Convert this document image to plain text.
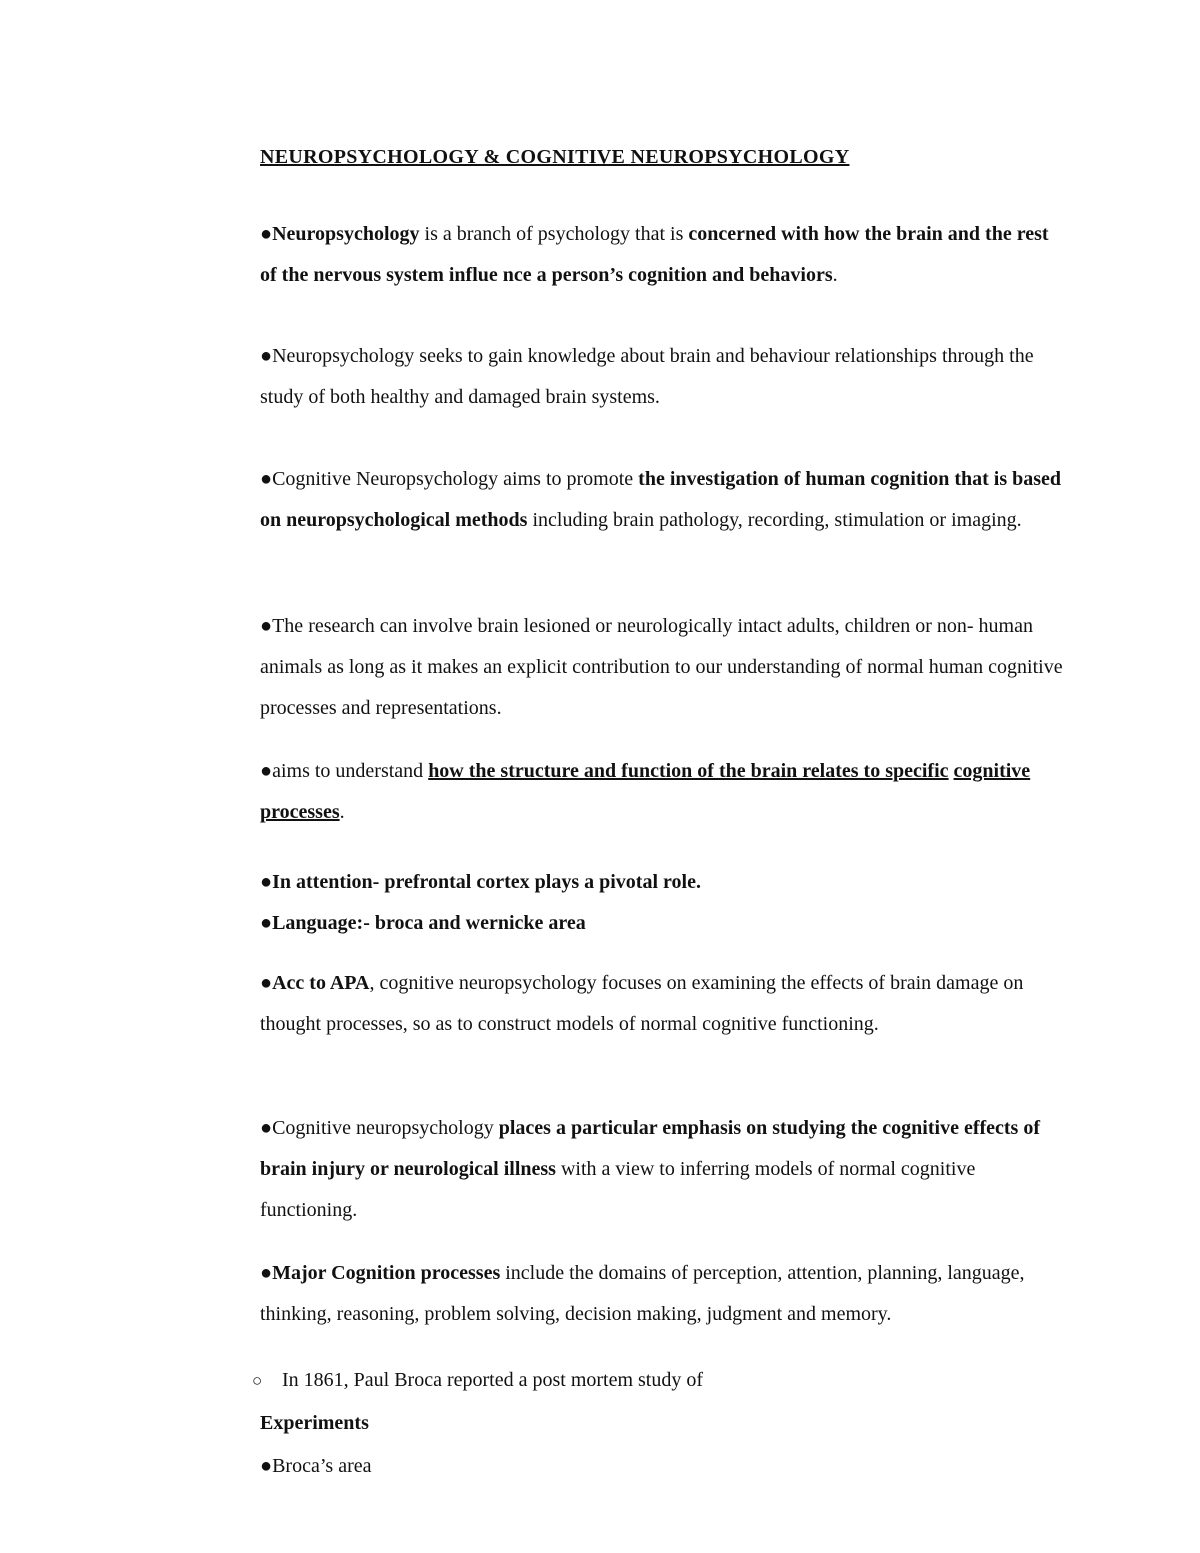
NEUROPSYCHOLOGY & COGNITIVE NEUROPSYCHOLOGY

●Neuropsychology is a branch of psychology that is concerned with how the brain and the rest of the nervous system influe nce a person’s cognition and behaviors.

●Neuropsychology seeks to gain knowledge about brain and behaviour relationships through the study of both healthy and damaged brain systems.

●Cognitive Neuropsychology aims to promote the investigation of human cognition that is based on neuropsychological methods including brain pathology, recording, stimulation or imaging.

●The research can involve brain lesioned or neurologically intact adults, children or non- human animals as long as it makes an explicit contribution to our understanding of normal human cognitive processes and representations.

●aims to understand how the structure and function of the brain relates to specific cognitive processes.

●In attention- prefrontal cortex plays a pivotal role.

●Language:- broca and wernicke area

●Acc to APA, cognitive neuropsychology focuses on examining the effects of brain damage on thought processes, so as to construct models of normal cognitive functioning.

●Cognitive neuropsychology places a particular emphasis on studying the cognitive effects of brain injury or neurological illness with a view to inferring models of normal cognitive functioning.

●Major Cognition processes include the domains of perception, attention, planning, language, thinking, reasoning, problem solving, decision making, judgment and memory.

○ In 1861, Paul Broca reported a post mortem study of
Experiments
●Broca’s area
